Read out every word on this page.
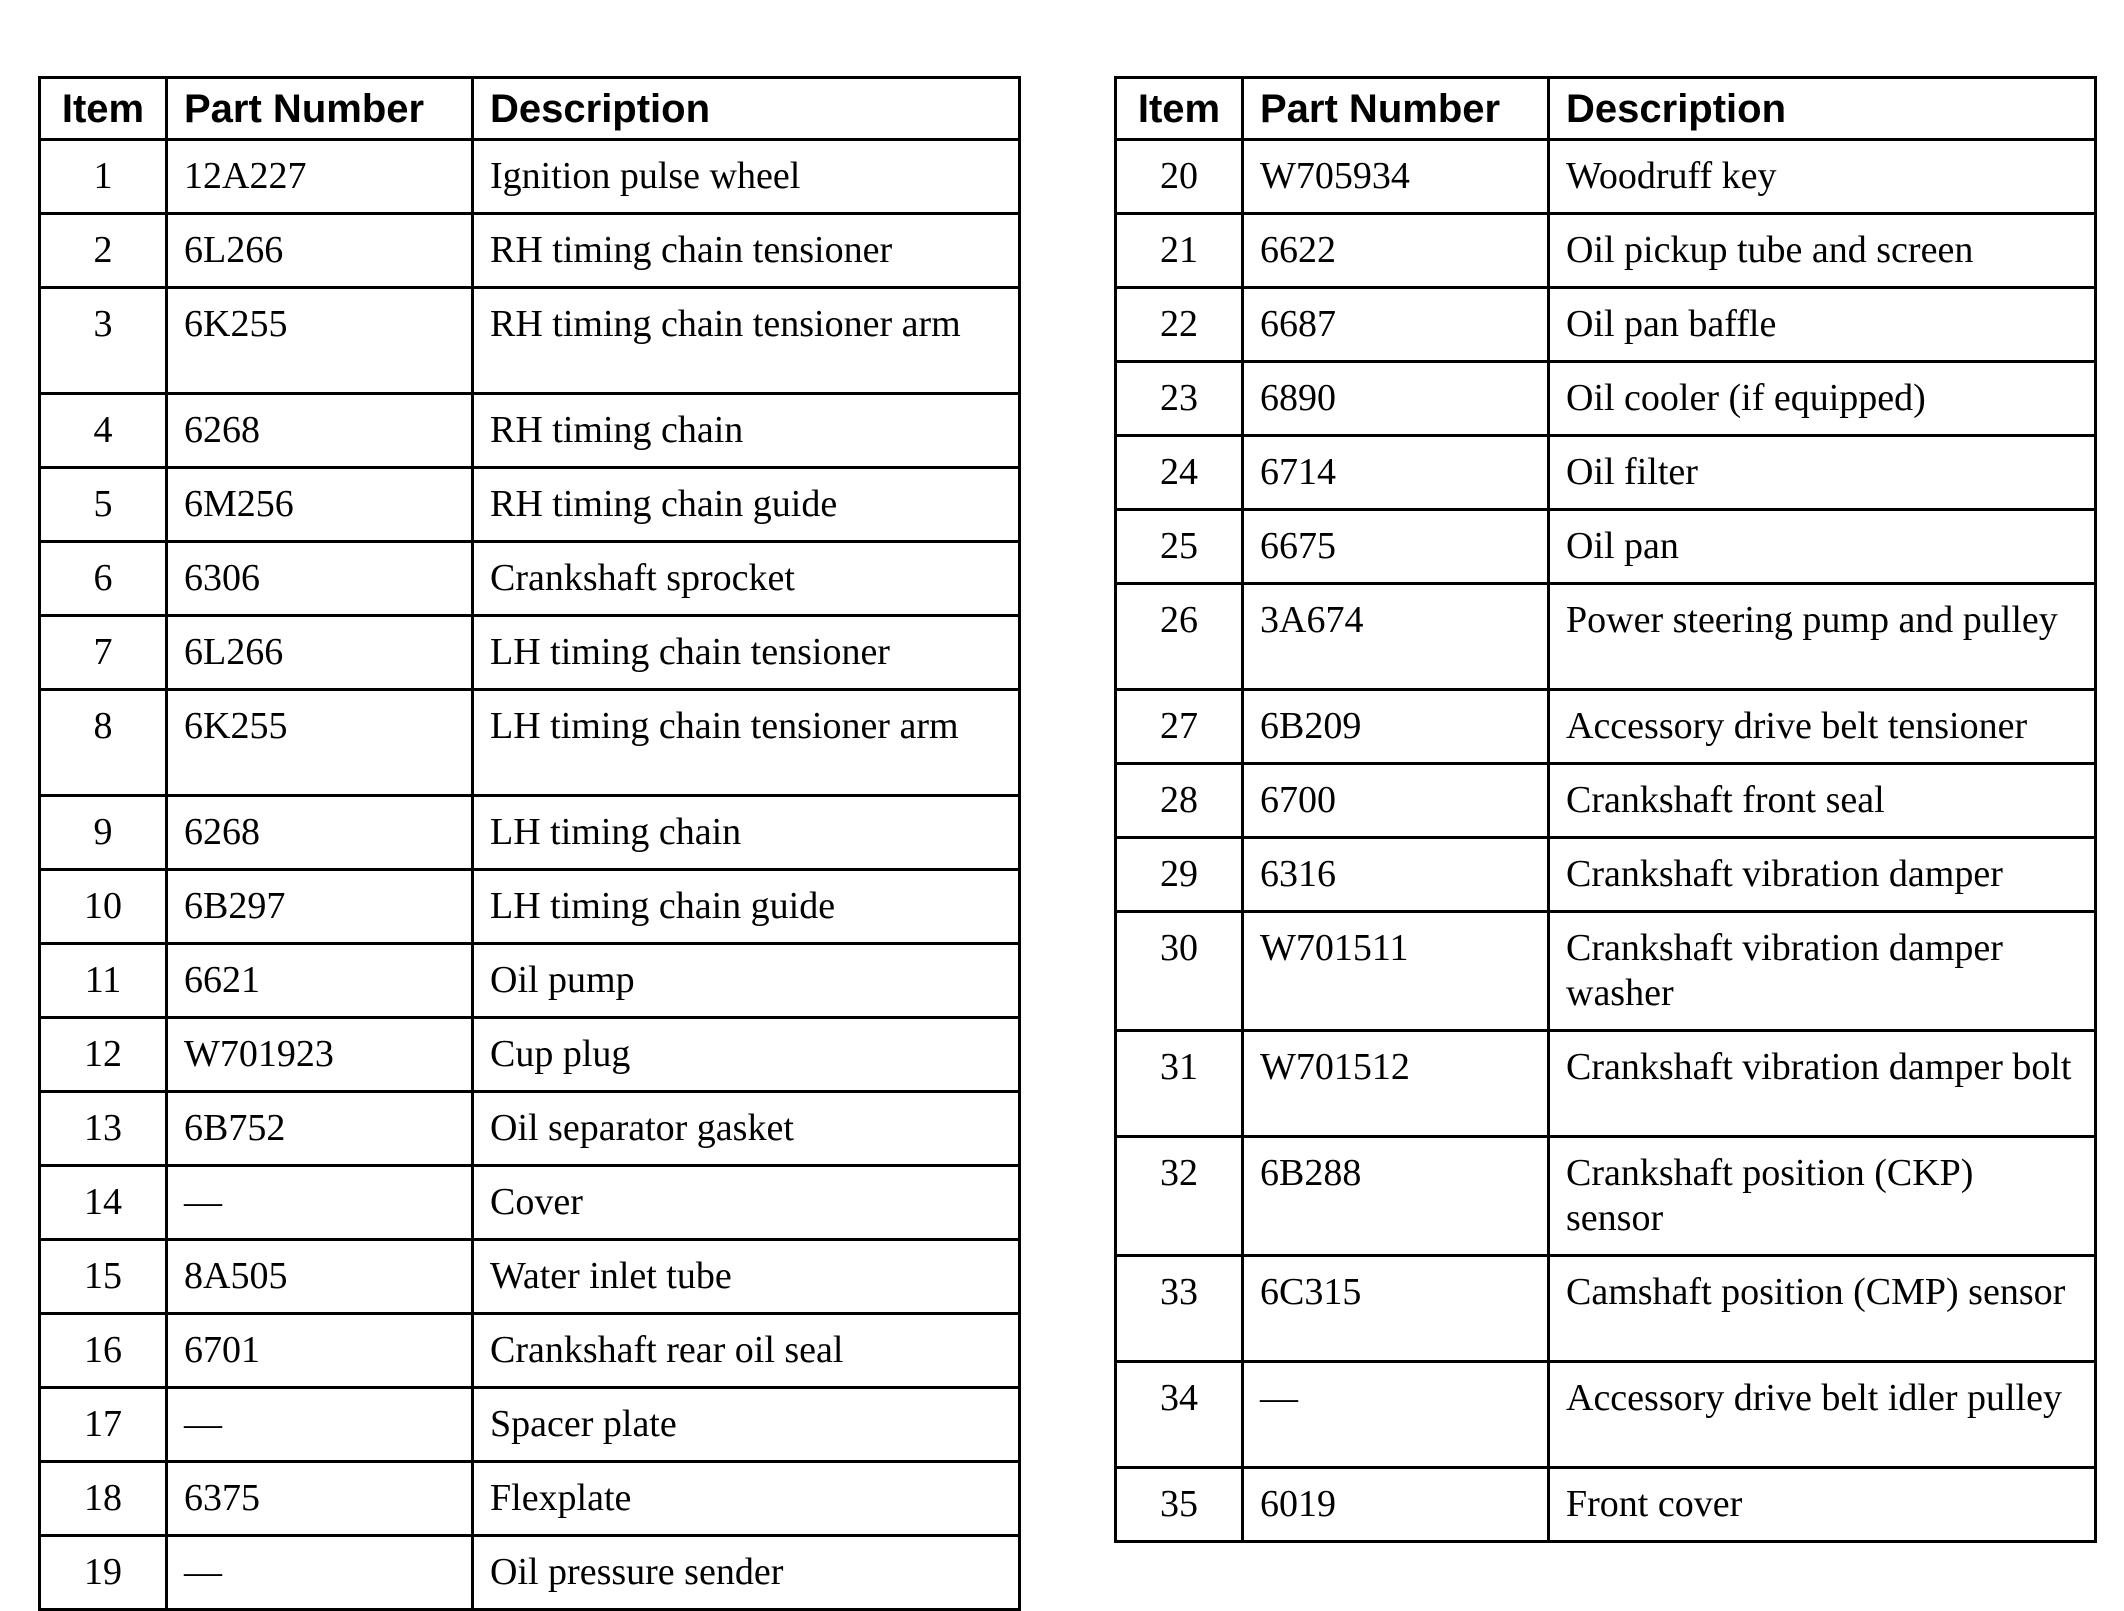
Item	Part Number	Description
1	12A227	Ignition pulse wheel
2	6L266	RH timing chain tensioner
3	6K255	RH timing chain tensioner arm
4	6268	RH timing chain
5	6M256	RH timing chain guide
6	6306	Crankshaft sprocket
7	6L266	LH timing chain tensioner
8	6K255	LH timing chain tensioner arm
9	6268	LH timing chain
10	6B297	LH timing chain guide
11	6621	Oil pump
12	W701923	Cup plug
13	6B752	Oil separator gasket
14	—	Cover
15	8A505	Water inlet tube
16	6701	Crankshaft rear oil seal
17	—	Spacer plate
18	6375	Flexplate
19	—	Oil pressure sender
Item	Part Number	Description
20	W705934	Woodruff key
21	6622	Oil pickup tube and screen
22	6687	Oil pan baffle
23	6890	Oil cooler (if equipped)
24	6714	Oil filter
25	6675	Oil pan
26	3A674	Power steering pump and pulley
27	6B209	Accessory drive belt tensioner
28	6700	Crankshaft front seal
29	6316	Crankshaft vibration damper
30	W701511	Crankshaft vibration damper washer
31	W701512	Crankshaft vibration damper bolt
32	6B288	Crankshaft position (CKP) sensor
33	6C315	Camshaft position (CMP) sensor
34	—	Accessory drive belt idler pulley
35	6019	Front cover
